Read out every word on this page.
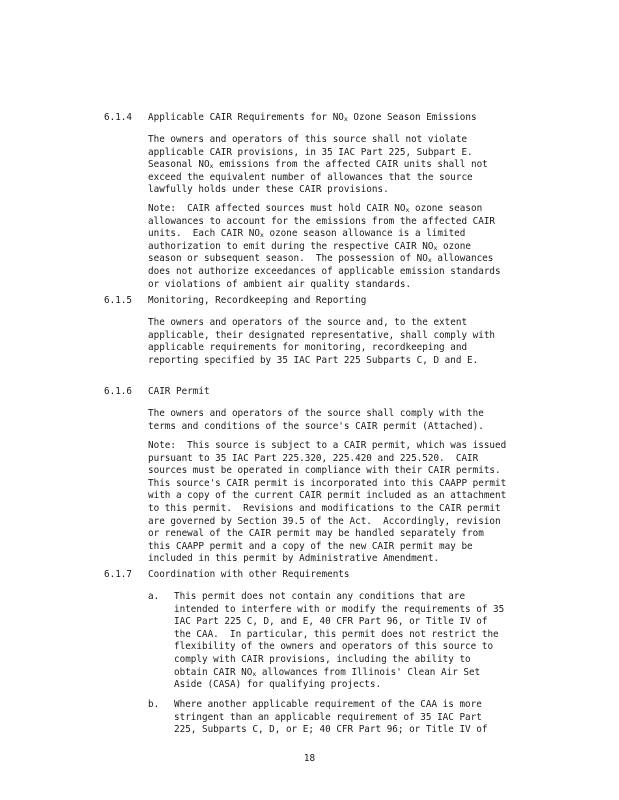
6.1.4 Applicable CAIR Requirements for $NO_x$ Ozone Season Emissions
The owners and operators of this source shall not violate
applicable CAIR provisions, in 35 IAC Part 225, Subpart E.
Seasonal $NO_x$ emissions from the affected CAIR units shall not
exceed the equivalent number of allowances that the source
lawfully holds under these CAIR provisions.
Note:  CAIR affected sources must hold CAIR $NO_x$ ozone season
allowances to account for the emissions from the affected CAIR
units.  Each CAIR $NO_x$ ozone season allowance is a limited
authorization to emit during the respective CAIR $NO_x$ ozone
season or subsequent season.  The possession of $NO_x$ allowances
does not authorize exceedances of applicable emission standards
or violations of ambient air quality standards.
6.1.5 Monitoring, Recordkeeping and Reporting
The owners and operators of the source and, to the extent
applicable, their designated representative, shall comply with
applicable requirements for monitoring, recordkeeping and
reporting specified by 35 IAC Part 225 Subparts C, D and E.
6.1.6 CAIR Permit
The owners and operators of the source shall comply with the
terms and conditions of the source's CAIR permit (Attached).
Note:  This source is subject to a CAIR permit, which was issued
pursuant to 35 IAC Part 225.320, 225.420 and 225.520.  CAIR
sources must be operated in compliance with their CAIR permits.
This source's CAIR permit is incorporated into this CAAPP permit
with a copy of the current CAIR permit included as an attachment
to this permit.  Revisions and modifications to the CAIR permit
are governed by Section 39.5 of the Act.  Accordingly, revision
or renewal of the CAIR permit may be handled separately from
this CAAPP permit and a copy of the new CAIR permit may be
included in this permit by Administrative Amendment.
6.1.7 Coordination with other Requirements
a. This permit does not contain any conditions that are
intended to interfere with or modify the requirements of 35
IAC Part 225 C, D, and E, 40 CFR Part 96, or Title IV of
the CAA.  In particular, this permit does not restrict the
flexibility of the owners and operators of this source to
comply with CAIR provisions, including the ability to
obtain CAIR $NO_x$ allowances from Illinois' Clean Air Set
Aside (CASA) for qualifying projects.
b. Where another applicable requirement of the CAA is more
stringent than an applicable requirement of 35 IAC Part
225, Subparts C, D, or E; 40 CFR Part 96; or Title IV of
18
